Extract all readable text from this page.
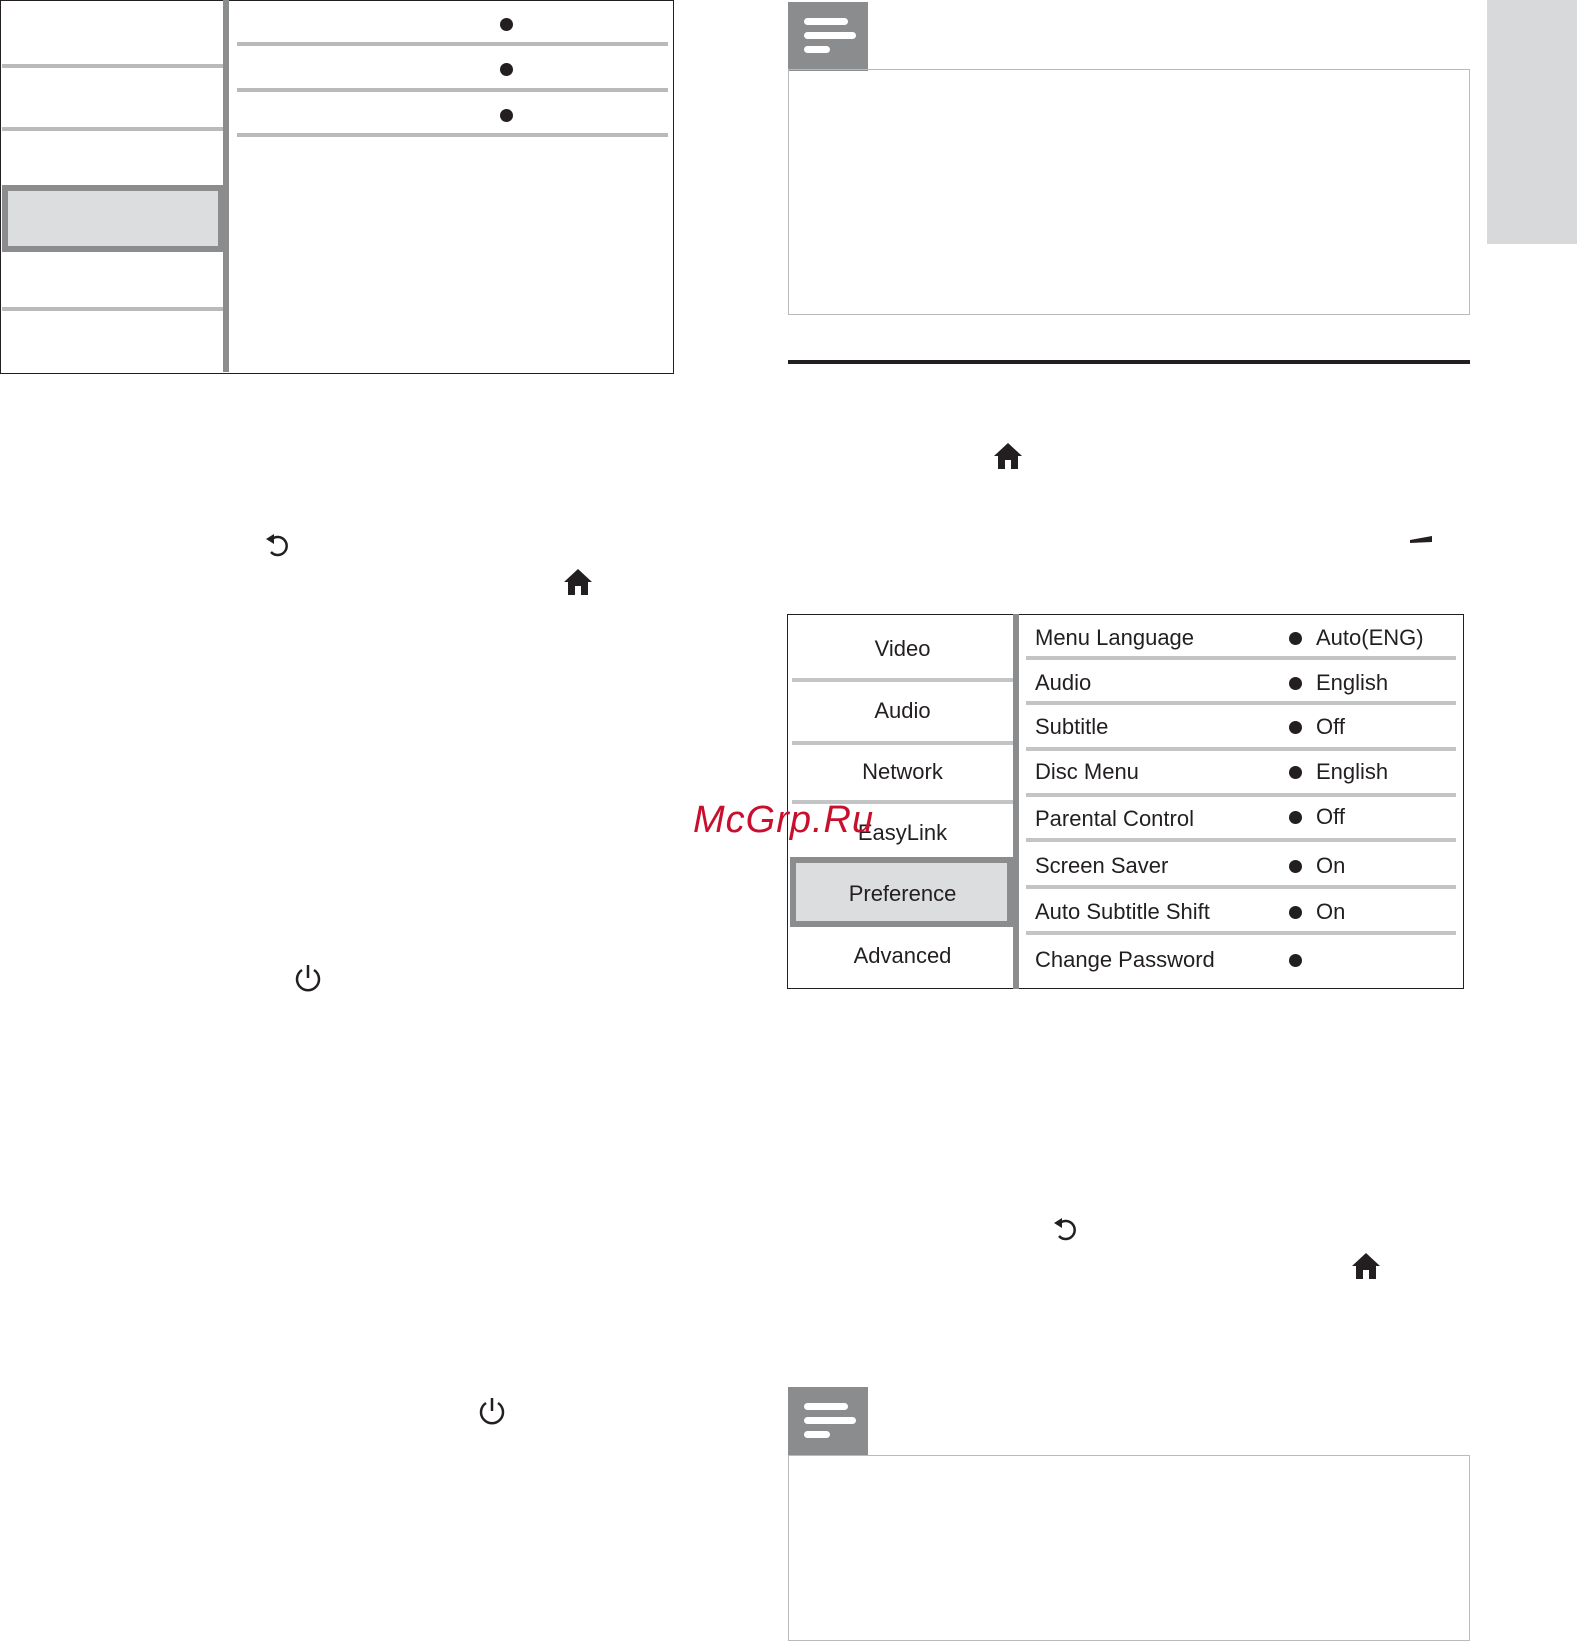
Video
Audio
Network
EasyLink
Preference
Advanced
Menu Language	Auto(ENG)
Audio	English
Subtitle	Off
Disc Menu	English
Parental Control	Off
Screen Saver	On
Auto Subtitle Shift	On
Change Password
McGrp.Ru
